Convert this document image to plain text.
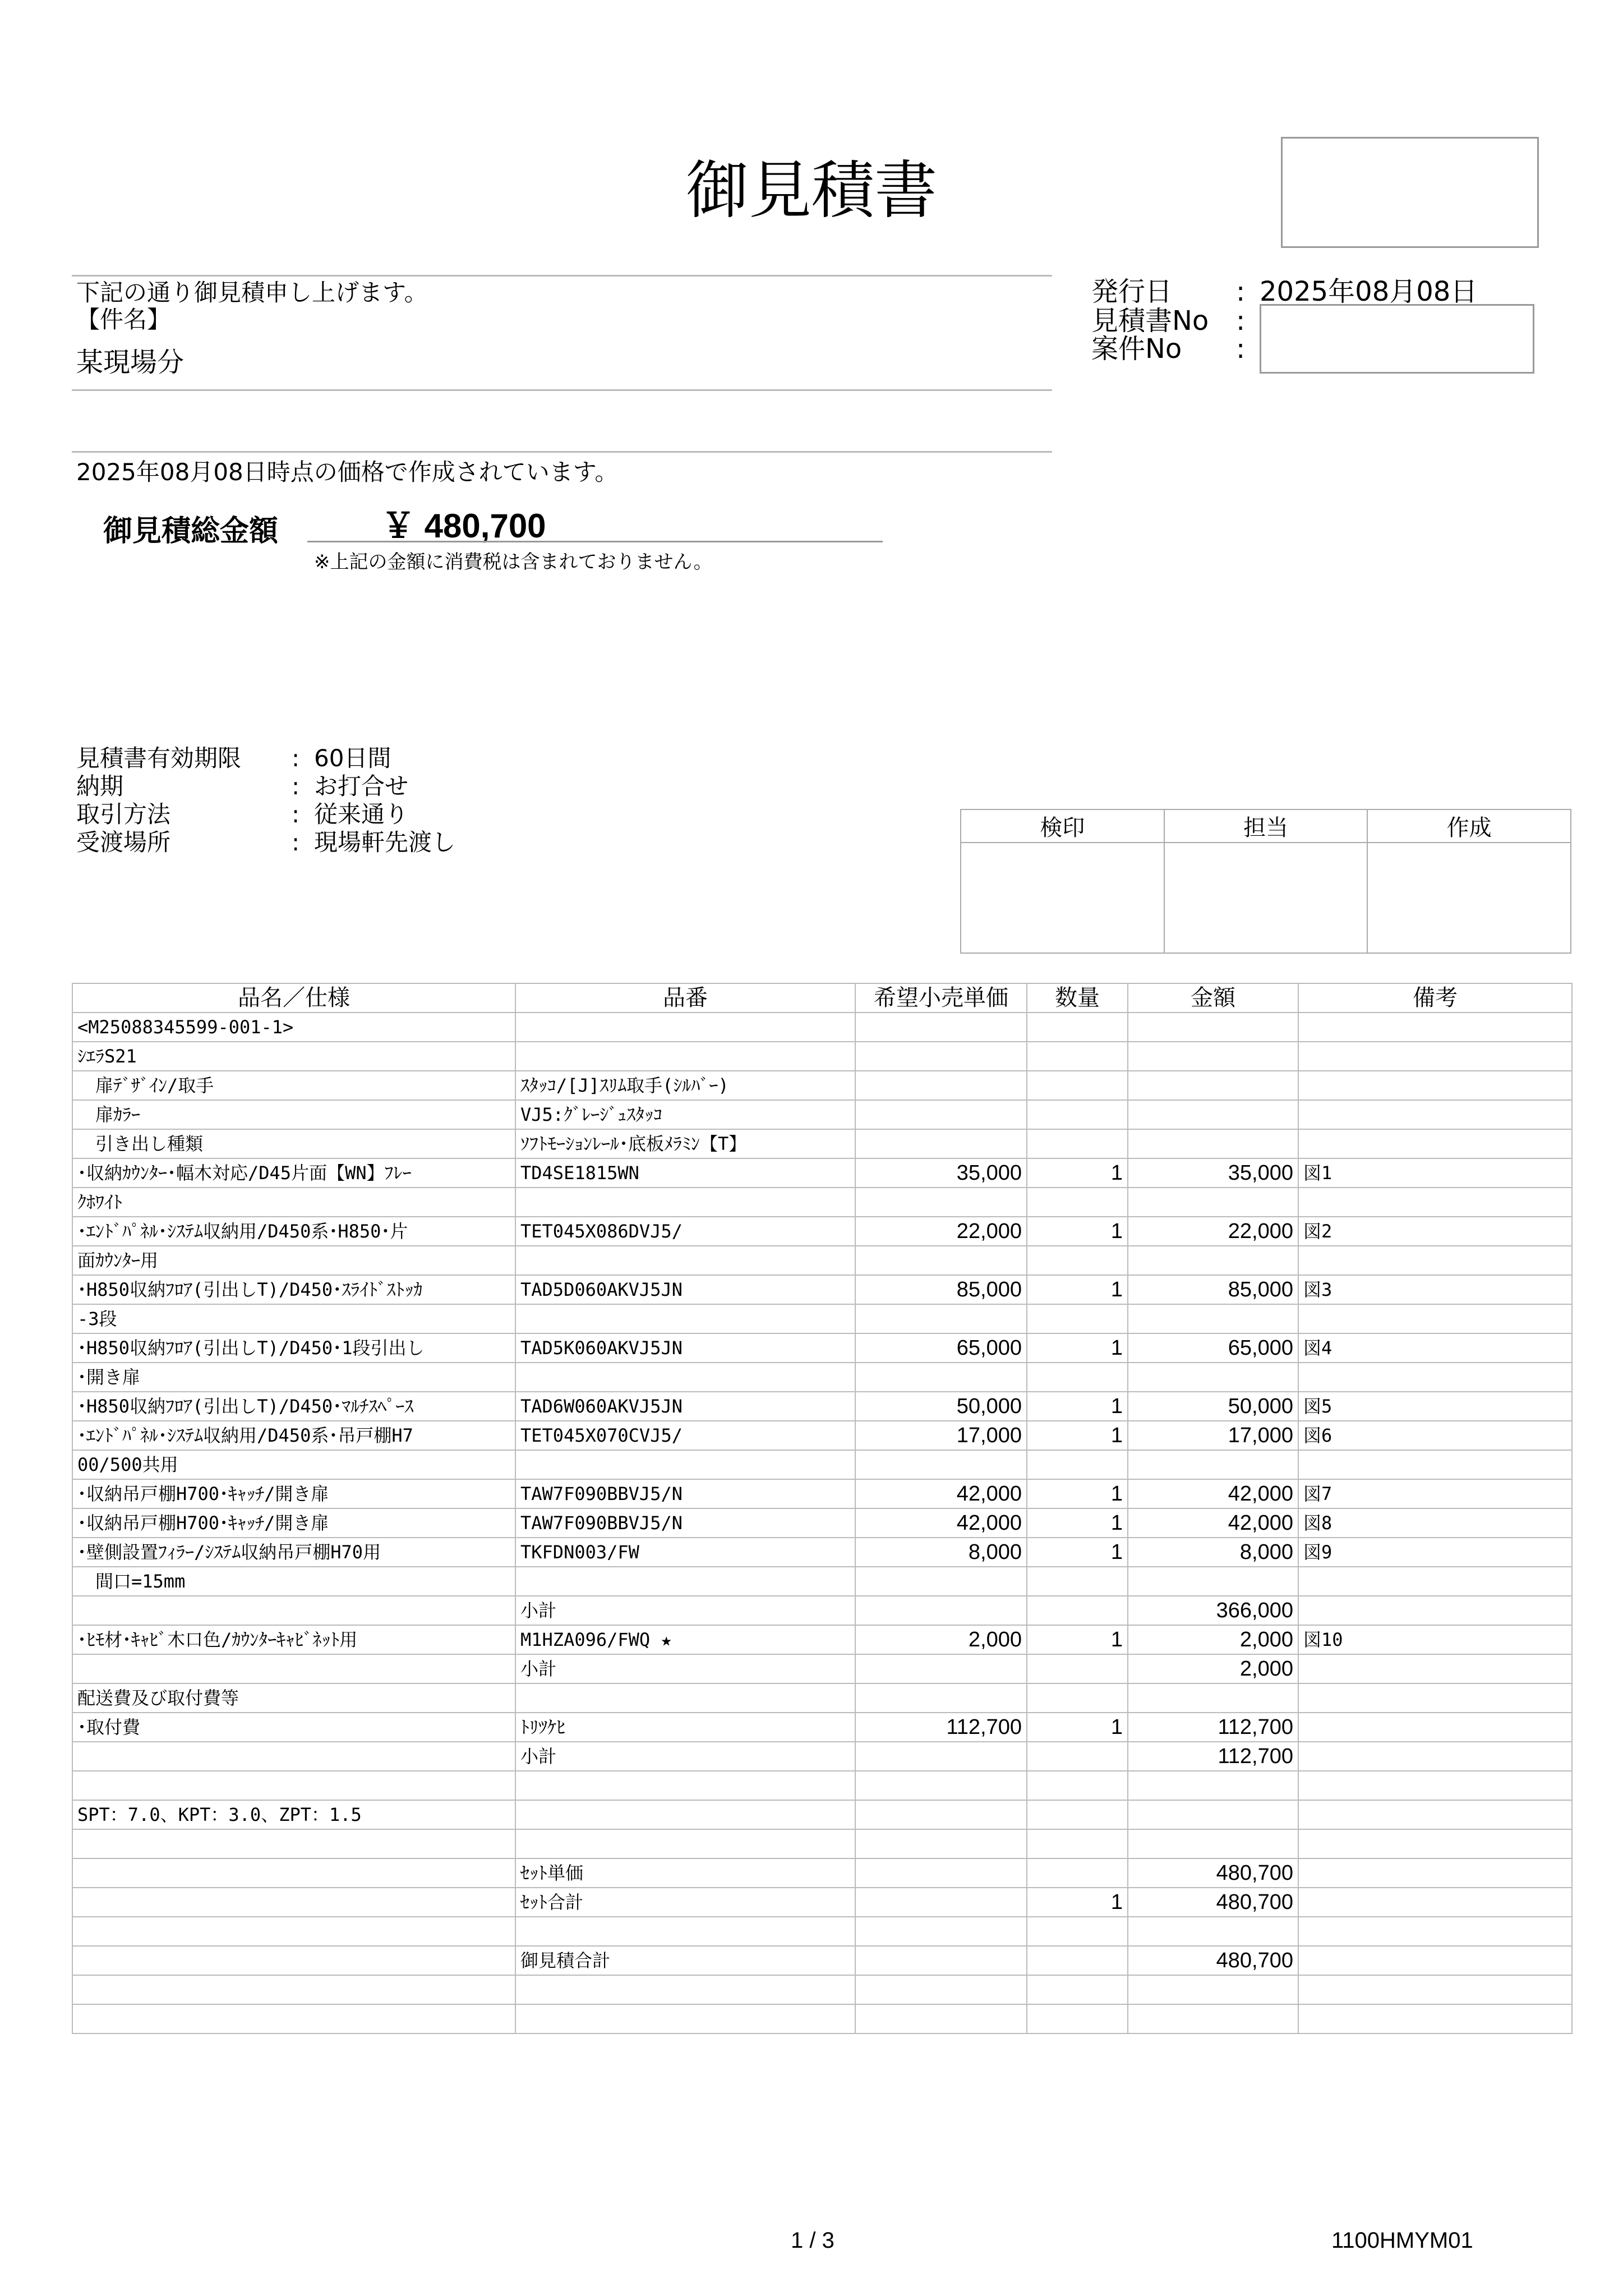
御見積書
下記の通り御見積申し上げます。
【件名】
某現場分
発行日 : 2025年08月08日
見積書No :
案件No :
2025年08月08日時点の価格で作成されています。
御見積総金額	￥ 480,700
※上記の金額に消費税は含まれておりません。
見積書有効期限 : 60日間
納期	: お打合せ
取引方法	: 従来通り
受渡場所	: 現場軒先渡し
検印	担当	作成

品名／仕様	品番	希望小売単価	数量	金額	備考
<M25088345599-001-1>					
ｼｴﾗS21					
　扉ﾃﾞｻﾞｲﾝ/取手	ｽﾀｯｺ/[J]ｽﾘﾑ取手(ｼﾙﾊﾞｰ)				
　扉ｶﾗｰ	VJ5:ｸﾞﾚｰｼﾞｭｽﾀｯｺ				
　引き出し種類	ｿﾌﾄﾓｰｼｮﾝﾚｰﾙ･底板ﾒﾗﾐﾝ【T】				
･収納ｶｳﾝﾀｰ･幅木対応/D45片面【WN】ﾌﾚｰ	TD4SE1815WN	35,000	1	35,000	図1
ｸﾎﾜｲﾄ					
･ｴﾝﾄﾞﾊﾟﾈﾙ･ｼｽﾃﾑ収納用/D450系･H850･片	TET045X086DVJ5/	22,000	1	22,000	図2
面ｶｳﾝﾀｰ用					
･H850収納ﾌﾛｱ(引出しT)/D450･ｽﾗｲﾄﾞｽﾄｯｶ	TAD5D060AKVJ5JN	85,000	1	85,000	図3
-3段					
･H850収納ﾌﾛｱ(引出しT)/D450･1段引出し	TAD5K060AKVJ5JN	65,000	1	65,000	図4
･開き扉					
･H850収納ﾌﾛｱ(引出しT)/D450･ﾏﾙﾁｽﾍﾟｰｽ	TAD6W060AKVJ5JN	50,000	1	50,000	図5
･ｴﾝﾄﾞﾊﾟﾈﾙ･ｼｽﾃﾑ収納用/D450系･吊戸棚H7	TET045X070CVJ5/	17,000	1	17,000	図6
00/500共用					
･収納吊戸棚H700･ｷｬｯﾁ/開き扉	TAW7F090BBVJ5/N	42,000	1	42,000	図7
･収納吊戸棚H700･ｷｬｯﾁ/開き扉	TAW7F090BBVJ5/N	42,000	1	42,000	図8
･壁側設置ﾌｨﾗｰ/ｼｽﾃﾑ収納吊戸棚H70用	TKFDN003/FW	8,000	1	8,000	図9
　間口=15mm					
	小計			366,000	
･ﾋﾓ材･ｷｬﾋﾞ木口色/ｶｳﾝﾀｰｷｬﾋﾞﾈｯﾄ用	M1HZA096/FWQ ★	2,000	1	2,000	図10
	小計			2,000	
配送費及び取付費等					
･取付費	ﾄﾘﾂｹﾋ	112,700	1	112,700	
	小計			112,700	

SPT：7.0、KPT：3.0、ZPT：1.5					

	ｾｯﾄ単価			480,700	
	ｾｯﾄ合計		1	480,700	

	御見積合計			480,700	

1 / 3	1100HMYM01
